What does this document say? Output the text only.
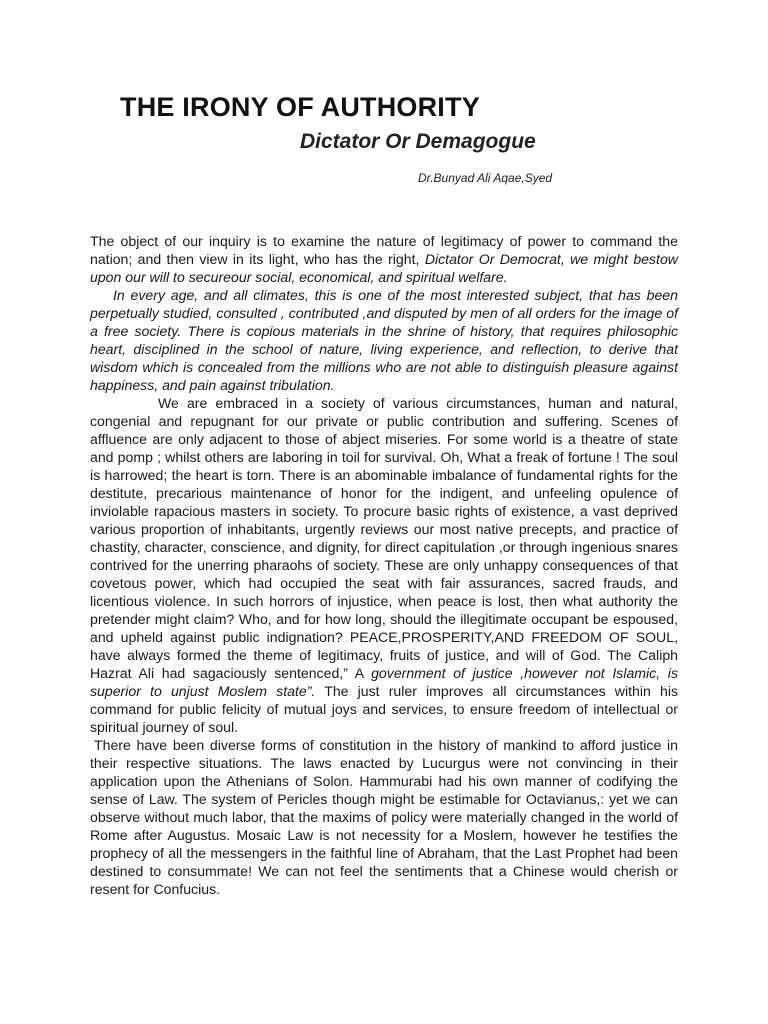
THE IRONY OF AUTHORITY
Dictator Or Demagogue
Dr.Bunyad Ali Aqae,Syed

The object of our inquiry is to examine the nature of legitimacy of power to command the nation; and then view in its light, who has the right, Dictator Or Democrat, we might bestow upon our will to secureour social, economical, and spiritual welfare.

In every age, and all climates, this is one of the most interested subject, that has been perpetually studied, consulted , contributed ,and disputed by men of all orders for the image of a free society. There is copious materials in the shrine of history, that requires philosophic heart, disciplined in the school of nature, living experience, and reflection, to derive that wisdom which is concealed from the millions who are not able to distinguish pleasure against happiness, and pain against tribulation.

We are embraced in a society of various circumstances, human and natural, congenial and repugnant for our private or public contribution and suffering. Scenes of affluence are only adjacent to those of abject miseries. For some world is a theatre of state and pomp ; whilst others are laboring in toil for survival. Oh, What a freak of fortune ! The soul is harrowed; the heart is torn. There is an abominable imbalance of fundamental rights for the destitute, precarious maintenance of honor for the indigent, and unfeeling opulence of inviolable rapacious masters in society. To procure basic rights of existence, a vast deprived various proportion of inhabitants, urgently reviews our most native precepts, and practice of chastity, character, conscience, and dignity, for direct capitulation ,or through ingenious snares contrived for the unerring pharaohs of society. These are only unhappy consequences of that covetous power, which had occupied the seat with fair assurances, sacred frauds, and licentious violence. In such horrors of injustice, when peace is lost, then what authority the pretender might claim? Who, and for how long, should the illegitimate occupant be espoused, and upheld against public indignation? PEACE,PROSPERITY,AND FREEDOM OF SOUL, have always formed the theme of legitimacy, fruits of justice, and will of God. The Caliph Hazrat Ali had sagaciously sentenced,” A government of justice ,however not Islamic, is superior to unjust Moslem state”. The just ruler improves all circumstances within his command for public felicity of mutual joys and services, to ensure freedom of intellectual or spiritual journey of soul.

There have been diverse forms of constitution in the history of mankind to afford justice in their respective situations. The laws enacted by Lucurgus were not convincing in their application upon the Athenians of Solon. Hammurabi had his own manner of codifying the sense of Law. The system of Pericles though might be estimable for Octavianus,: yet we can observe without much labor, that the maxims of policy were materially changed in the world of Rome after Augustus. Mosaic Law is not necessity for a Moslem, however he testifies the prophecy of all the messengers in the faithful line of Abraham, that the Last Prophet had been destined to consummate! We can not feel the sentiments that a Chinese would cherish or resent for Confucius.
